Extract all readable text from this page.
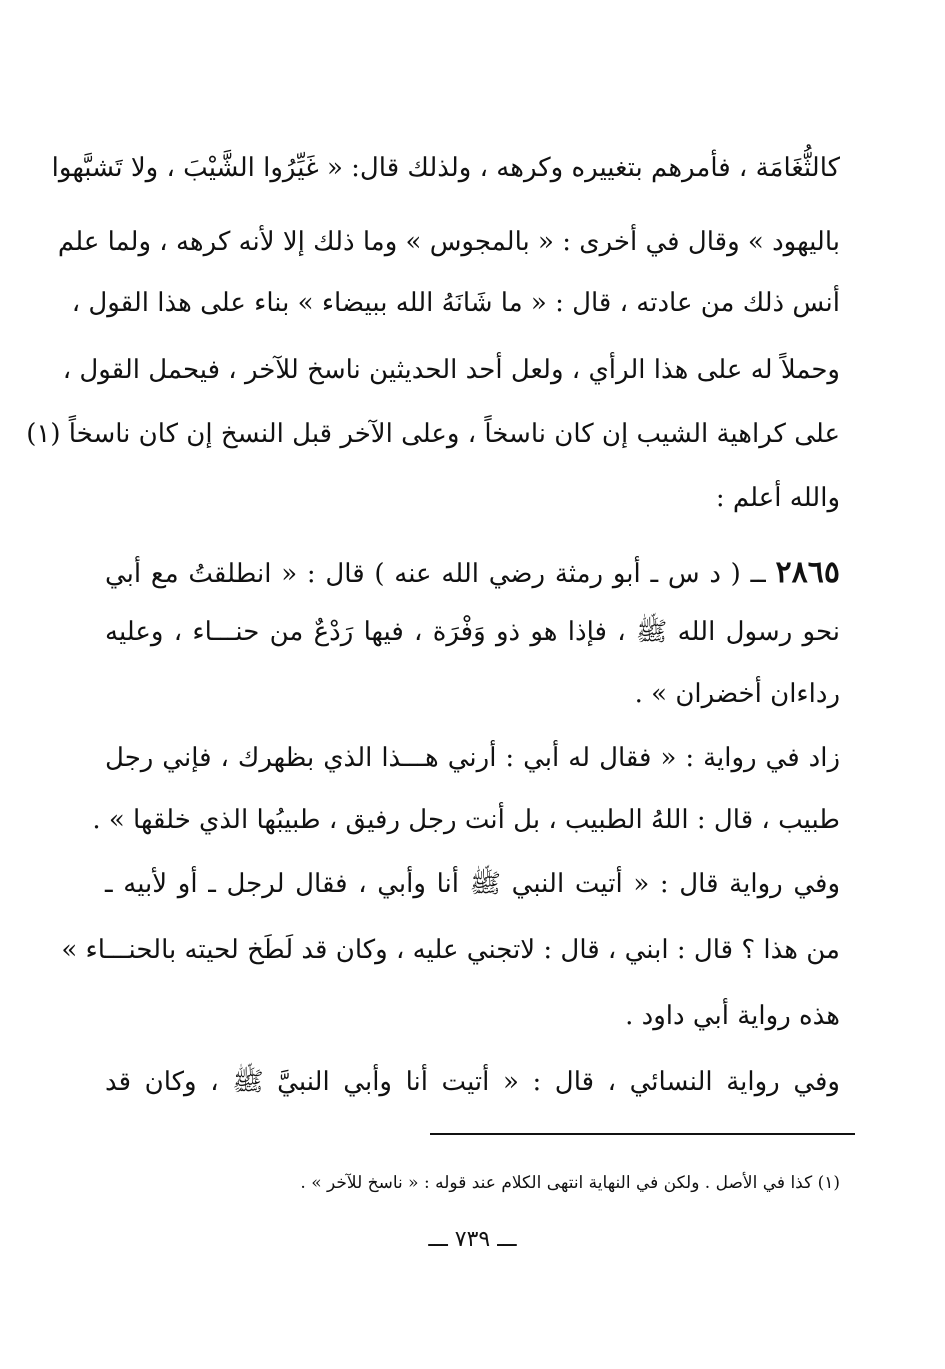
كالثُّغَامَة ، فأمرهم بتغييره وكرهه ، ولذلك قال: « غَيِّرُوا الشَّيْبَ ، ولا تَشبَّهوا
باليهود » وقال في أخرى : « بالمجوس » وما ذلك إلا لأنه كرهه ، ولما علم
أنس ذلك من عادته ، قال : « ما شَانَهُ الله ببيضاء » بناء على هذا القول ،
وحملاً له على هذا الرأي ، ولعل أحد الحديثين ناسخ للآخر ، فيحمل القول ،
على كراهية الشيب إن كان ناسخاً ، وعلى الآخر قبل النسخ إن كان ناسخاً (١)
والله أعلم :
٢٨٦٥ ــ ( د س ـ أبو رمثة رضي الله عنه ) قال : « انطلقتُ مع أبي
نحو رسول الله ﷺ ، فإذا هو ذو وَفْرَة ، فيها رَدْعٌ من حنـــاء ، وعليه
رداءان أخضران » .
زاد في رواية : « فقال له أبي : أرني هـــذا الذي بظهرك ، فإني رجل
طبيب ، قال : اللهُ الطبيب ، بل أنت رجل رفيق ، طبيبُها الذي خلقها » .
وفي رواية قال : « أتيت النبي ﷺ أنا وأبي ، فقال لرجل ـ أو لأبيه ـ
من هذا ؟ قال : ابني ، قال : لاتجني عليه ، وكان قد لَطَخ لحيته بالحنـــاء »
هذه رواية أبي داود .
وفي رواية النسائي ، قال : « أتيت أنا وأبي النبيَّ ﷺ ، وكان قد
(١) كذا في الأصل . ولكن في النهاية انتهى الكلام عند قوله : « ناسخ للآخر » .
ـــ ٧٣٩ ـــ
